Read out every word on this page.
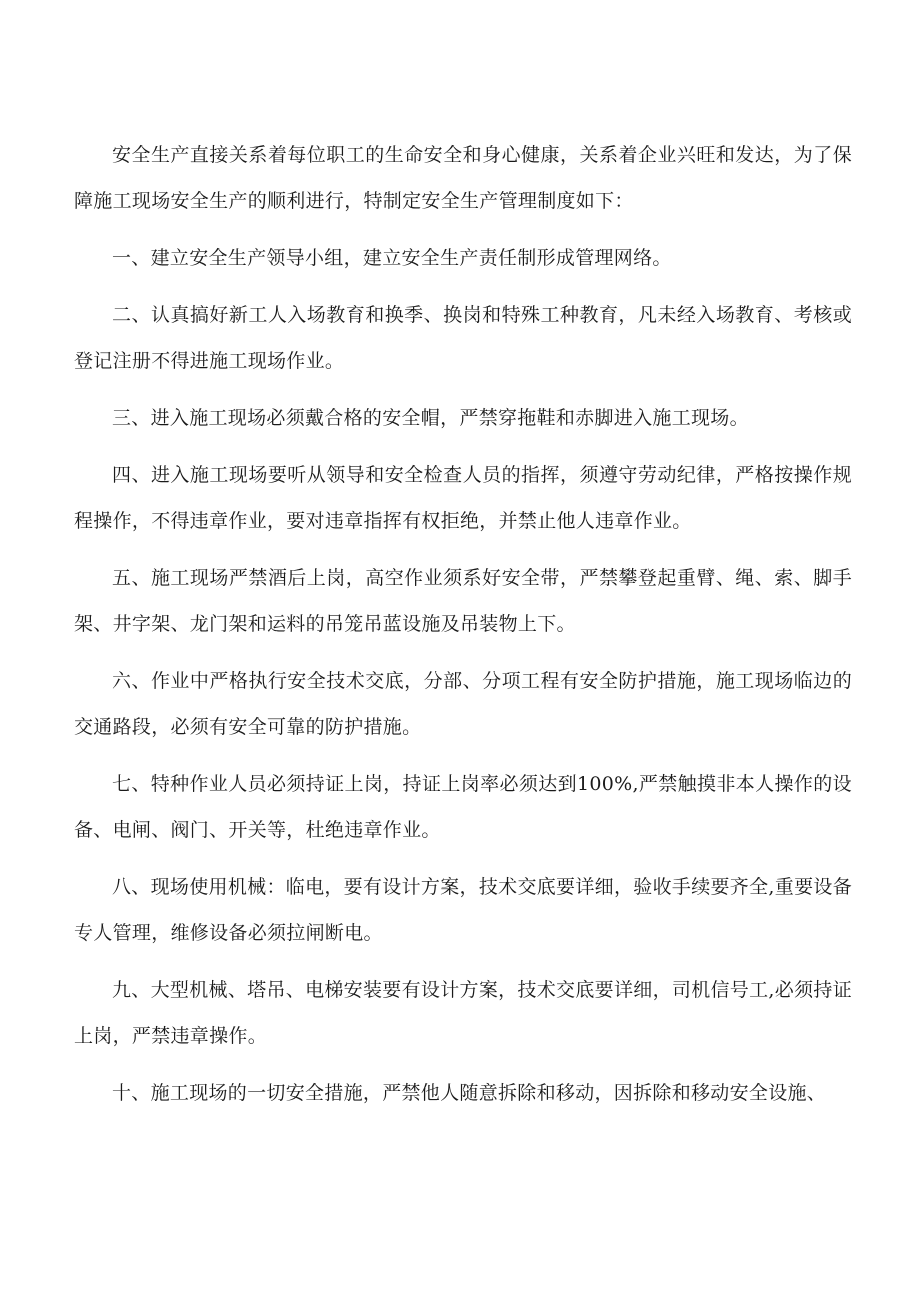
安全生产直接关系着每位职工的生命安全和身心健康，关系着企业兴旺和发达，为了保障施工现场安全生产的顺利进行，特制定安全生产管理制度如下：

一、建立安全生产领导小组，建立安全生产责任制形成管理网络。

二、认真搞好新工人入场教育和换季、换岗和特殊工种教育，凡未经入场教育、考核或登记注册不得进施工现场作业。

三、进入施工现场必须戴合格的安全帽，严禁穿拖鞋和赤脚进入施工现场。

四、进入施工现场要听从领导和安全检查人员的指挥，须遵守劳动纪律，严格按操作规程操作，不得违章作业，要对违章指挥有权拒绝，并禁止他人违章作业。

五、施工现场严禁酒后上岗，高空作业须系好安全带，严禁攀登起重臂、绳、索、脚手架、井字架、龙门架和运料的吊笼吊蓝设施及吊装物上下。

六、作业中严格执行安全技术交底，分部、分项工程有安全防护措施，施工现场临边的交通路段，必须有安全可靠的防护措施。

七、特种作业人员必须持证上岗，持证上岗率必须达到100%,严禁触摸非本人操作的设备、电闸、阀门、开关等，杜绝违章作业。

八、现场使用机械：临电，要有设计方案，技术交底要详细，验收手续要齐全,重要设备专人管理，维修设备必须拉闸断电。

九、大型机械、塔吊、电梯安装要有设计方案，技术交底要详细，司机信号工,必须持证上岗，严禁违章操作。

十、施工现场的一切安全措施，严禁他人随意拆除和移动，因拆除和移动安全设施、
